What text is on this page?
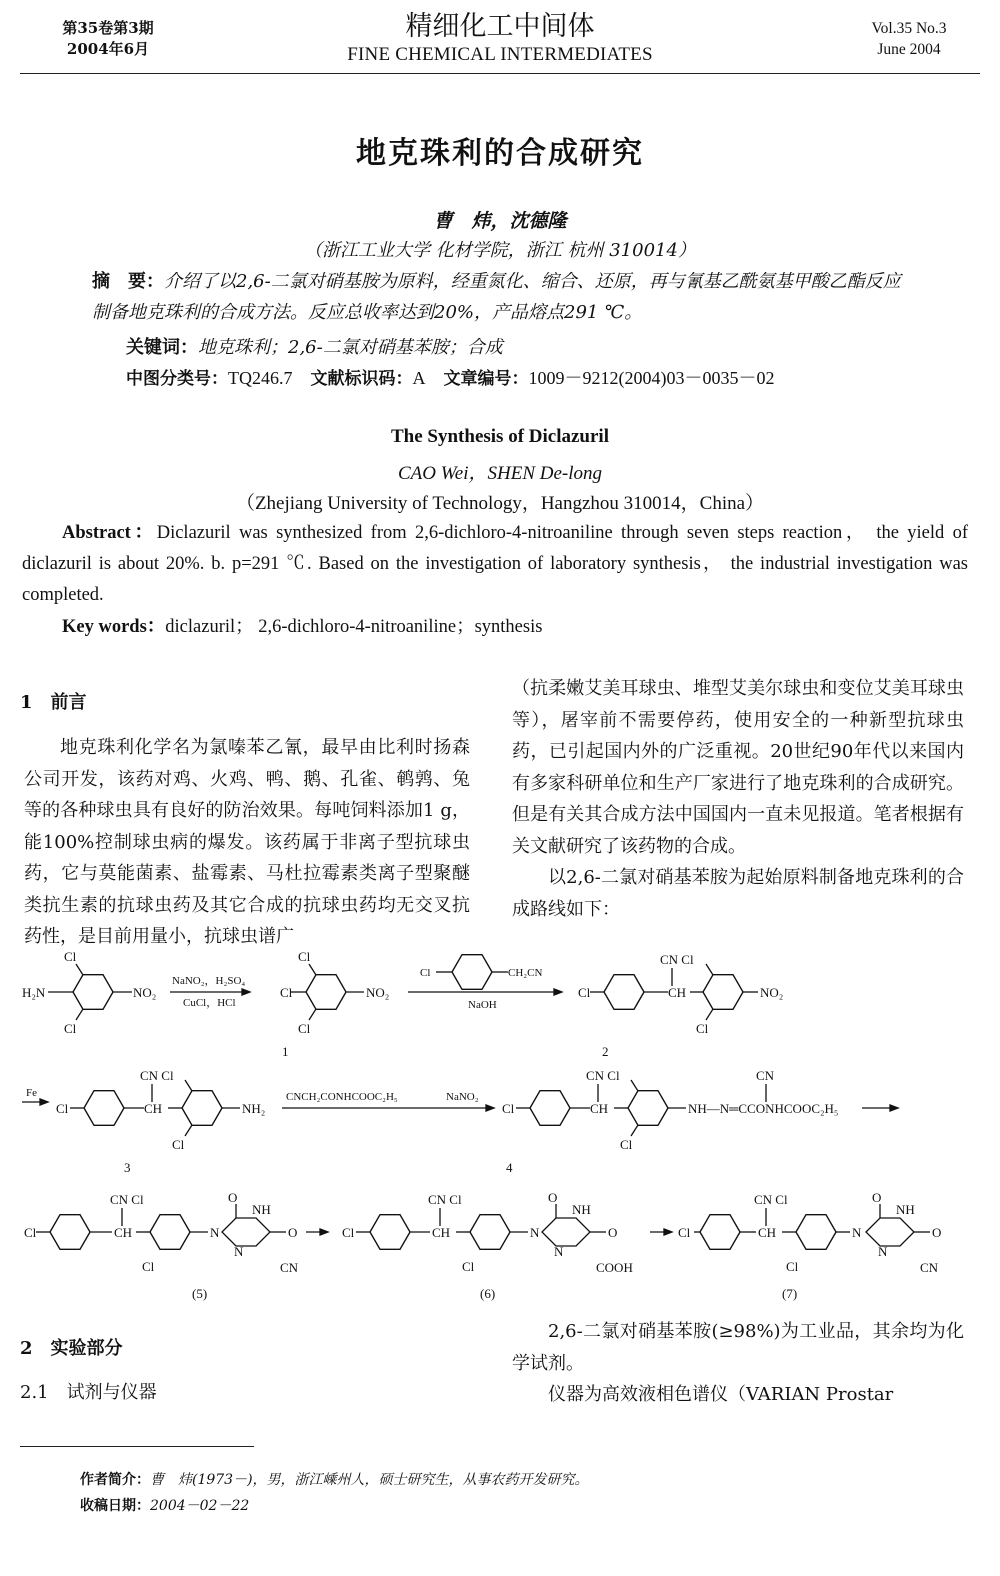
第35卷第3期
2004年6月
精细化工中间体
FINE CHEMICAL INTERMEDIATES
Vol.35 No.3
June 2004
地克珠利的合成研究
曹　炜，沈德隆
（浙江工业大学 化材学院，浙江 杭州 310014）
摘　要：介绍了以2,6-二氯对硝基胺为原料，经重氮化、缩合、还原，再与氰基乙酰氨基甲酸乙酯反应制备地克珠利的合成方法。反应总收率达到20%，产品熔点291 ℃。
关键词：地克珠利；2,6-二氯对硝基苯胺；合成
中图分类号：TQ246.7 文献标识码：A 文章编号：1009－9212(2004)03－0035－02
The Synthesis of Diclazuril
CAO Wei，SHEN De-long
（Zhejiang University of Technology，Hangzhou 310014，China）
Abstract：Diclazuril was synthesized from 2,6-dichloro-4-nitroaniline through seven steps reaction， the yield of diclazuril is about 20%. b. p=291 ℃. Based on the investigation of laboratory synthesis， the industrial investigation was completed.
Key words：diclazuril； 2,6-dichloro-4-nitroaniline；synthesis
1　前言

地克珠利化学名为氯嗪苯乙氰，最早由比利时扬森公司开发，该药对鸡、火鸡、鸭、鹅、孔雀、鹌鹑、兔等的各种球虫具有良好的防治效果。每吨饲料添加1 g，能100%控制球虫病的爆发。该药属于非离子型抗球虫药，它与莫能菌素、盐霉素、马杜拉霉素类离子型聚醚类抗生素的抗球虫药及其它合成的抗球虫药均无交叉抗药性，是目前用量小，抗球虫谱广

（抗柔嫩艾美耳球虫、堆型艾美尔球虫和变位艾美耳球虫等），屠宰前不需要停药，使用安全的一种新型抗球虫药，已引起国内外的广泛重视。20世纪90年代以来国内有多家科研单位和生产厂家进行了地克珠利的合成研究。但是有关其合成方法中国国内一直未见报道。笔者根据有关文献研究了该药物的合成。

以2,6-二氯对硝基苯胺为起始原料制备地克珠利的合成路线如下：

H₂N
Cl
Cl
NO₂
NaNO₂，H₂SO₄
CuCl，HCl
Cl
Cl
Cl
NO₂
1
Cl	CH₂CN
NaOH
Cl	CH
CN Cl
Cl
NO₂
2
Fe
Cl	CH
CN Cl
Cl
NH₂
3
CNCH₂CONHCOOC₂H₅	NaNO₂
Cl	CH
CN Cl
Cl
NH—N═CCONHCOOC₂H₅
CN
4
Cl	CH
CN Cl
Cl
N
O
NH
N
O
CN
(5)
Cl	CH
CN Cl
Cl
N
O
NH
N
O
COOH
(6)
Cl	CH
CN Cl
Cl
N
O
NH
N
O
CN
(7)
2　实验部分
2.1　试剂与仪器

2,6-二氯对硝基苯胺(≥98%)为工业品，其余均为化学试剂。

仪器为高效液相色谱仪（VARIAN Prostar

作者简介：曹　炜(1973－)，男，浙江嵊州人，硕士研究生，从事农药开发研究。
收稿日期：2004－02－22
